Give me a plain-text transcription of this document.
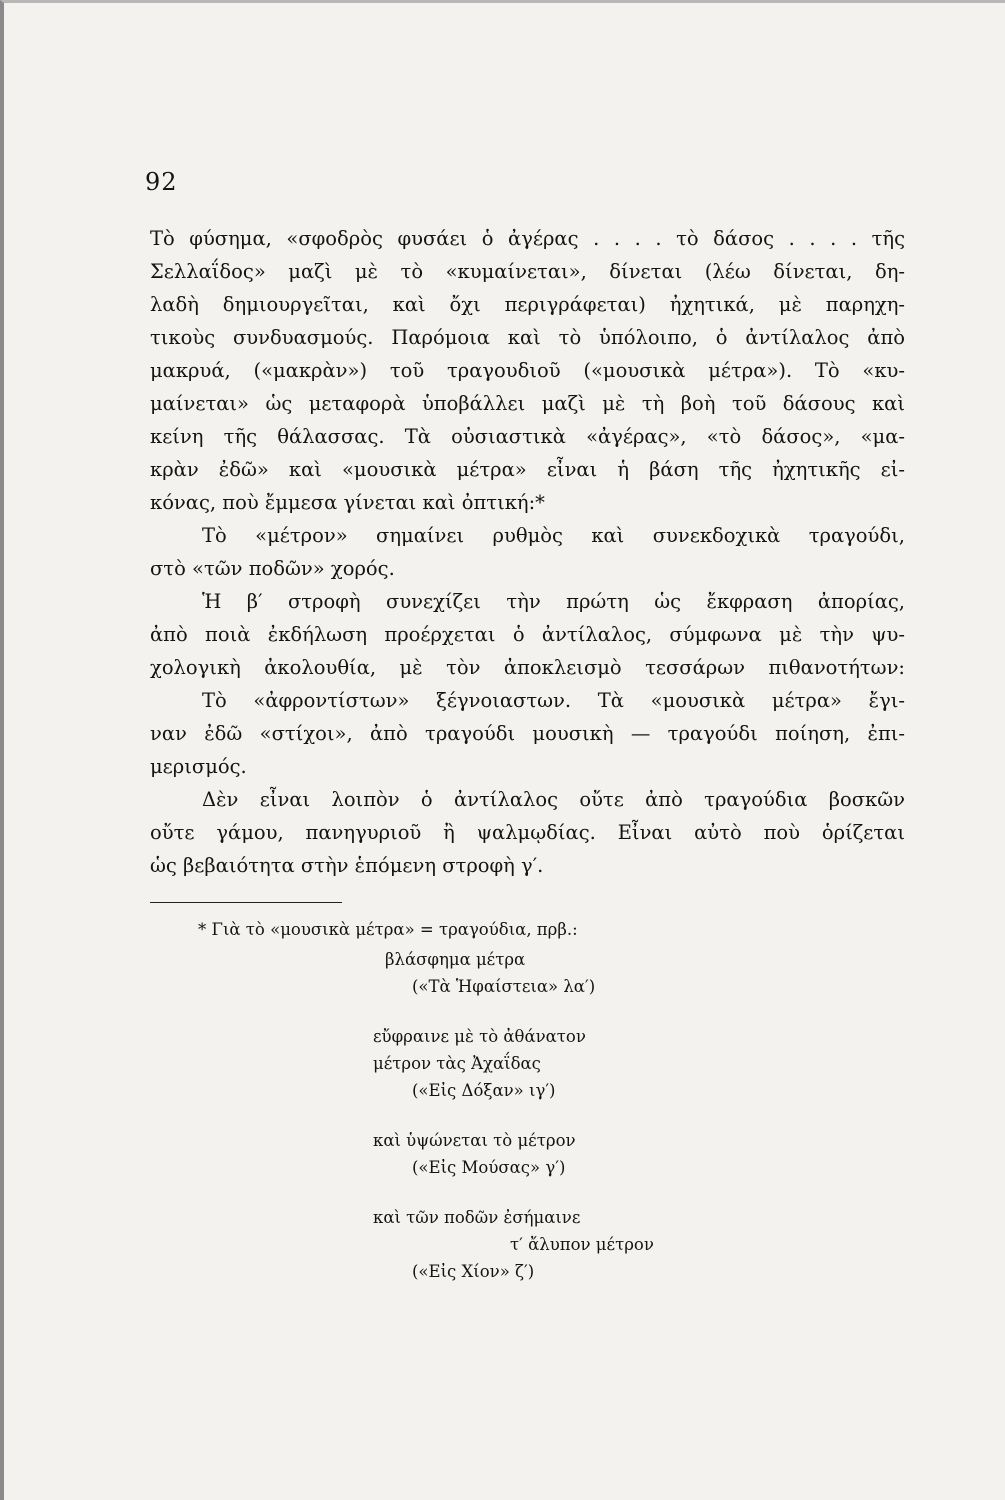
92
Τὸ φύσημα, «σφοδρὸς φυσάει ὁ ἀγέρας . . . . τὸ δάσος . . . . τῆς
Σελλαΐδος» μαζὶ μὲ τὸ «κυμαίνεται», δίνεται (λέω δίνεται, δη-
λαδὴ δημιουργεῖται, καὶ ὄχι περιγράφεται) ἠχητικά, μὲ παρηχη-
τικοὺς συνδυασμούς. Παρόμοια καὶ τὸ ὑπόλοιπο, ὁ ἀντίλαλος ἀπὸ
μακρυά, («μακρὰν») τοῦ τραγουδιοῦ («μουσικὰ μέτρα»). Τὸ «κυ-
μαίνεται» ὡς μεταφορὰ ὑποβάλλει μαζὶ μὲ τὴ βοὴ τοῦ δάσους καὶ
κείνη τῆς θάλασσας. Τὰ οὐσιαστικὰ «ἀγέρας», «τὸ δάσος», «μα-
κρὰν ἐδῶ» καὶ «μουσικὰ μέτρα» εἶναι ἡ βάση τῆς ἠχητικῆς εἰ-
κόνας, ποὺ ἔμμεσα γίνεται καὶ ὀπτική:*
Τὸ «μέτρον» σημαίνει ρυθμὸς καὶ συνεκδοχικὰ τραγούδι,
στὸ «τῶν ποδῶν» χορός.
Ἡ β′ στροφὴ συνεχίζει τὴν πρώτη ὡς ἔκφραση ἀπορίας,
ἀπὸ ποιὰ ἐκδήλωση προέρχεται ὁ ἀντίλαλος, σύμφωνα μὲ τὴν ψυ-
χολογικὴ ἀκολουθία, μὲ τὸν ἀποκλεισμὸ τεσσάρων πιθανοτήτων:
Τὸ «ἀφροντίστων» ξέγνοιαστων. Τὰ «μουσικὰ μέτρα» ἔγι-
ναν ἐδῶ «στίχοι», ἀπὸ τραγούδι μουσικὴ — τραγούδι ποίηση, ἐπι-
μερισμός.
Δὲν εἶναι λοιπὸν ὁ ἀντίλαλος οὔτε ἀπὸ τραγούδια βοσκῶν
οὔτε γάμου, πανηγυριοῦ ἢ ψαλμῳδίας. Εἶναι αὐτὸ ποὺ ὁρίζεται
ὡς βεβαιότητα στὴν ἑπόμενη στροφὴ γ′.
* Γιὰ τὸ «μουσικὰ μέτρα» = τραγούδια, πρβ.:
βλάσφημα μέτρα
(«Τὰ Ἡφαίστεια» λα′)
εὔφραινε μὲ τὸ ἀθάνατον
μέτρον τὰς Ἀχαΐδας
(«Εἰς Δόξαν» ιγ′)
καὶ ὑψώνεται τὸ μέτρον
(«Εἰς Μούσας» γ′)
καὶ τῶν ποδῶν ἐσήμαινε
τ′ ἄλυπον μέτρον
(«Εἰς Χίον» ζ′)
